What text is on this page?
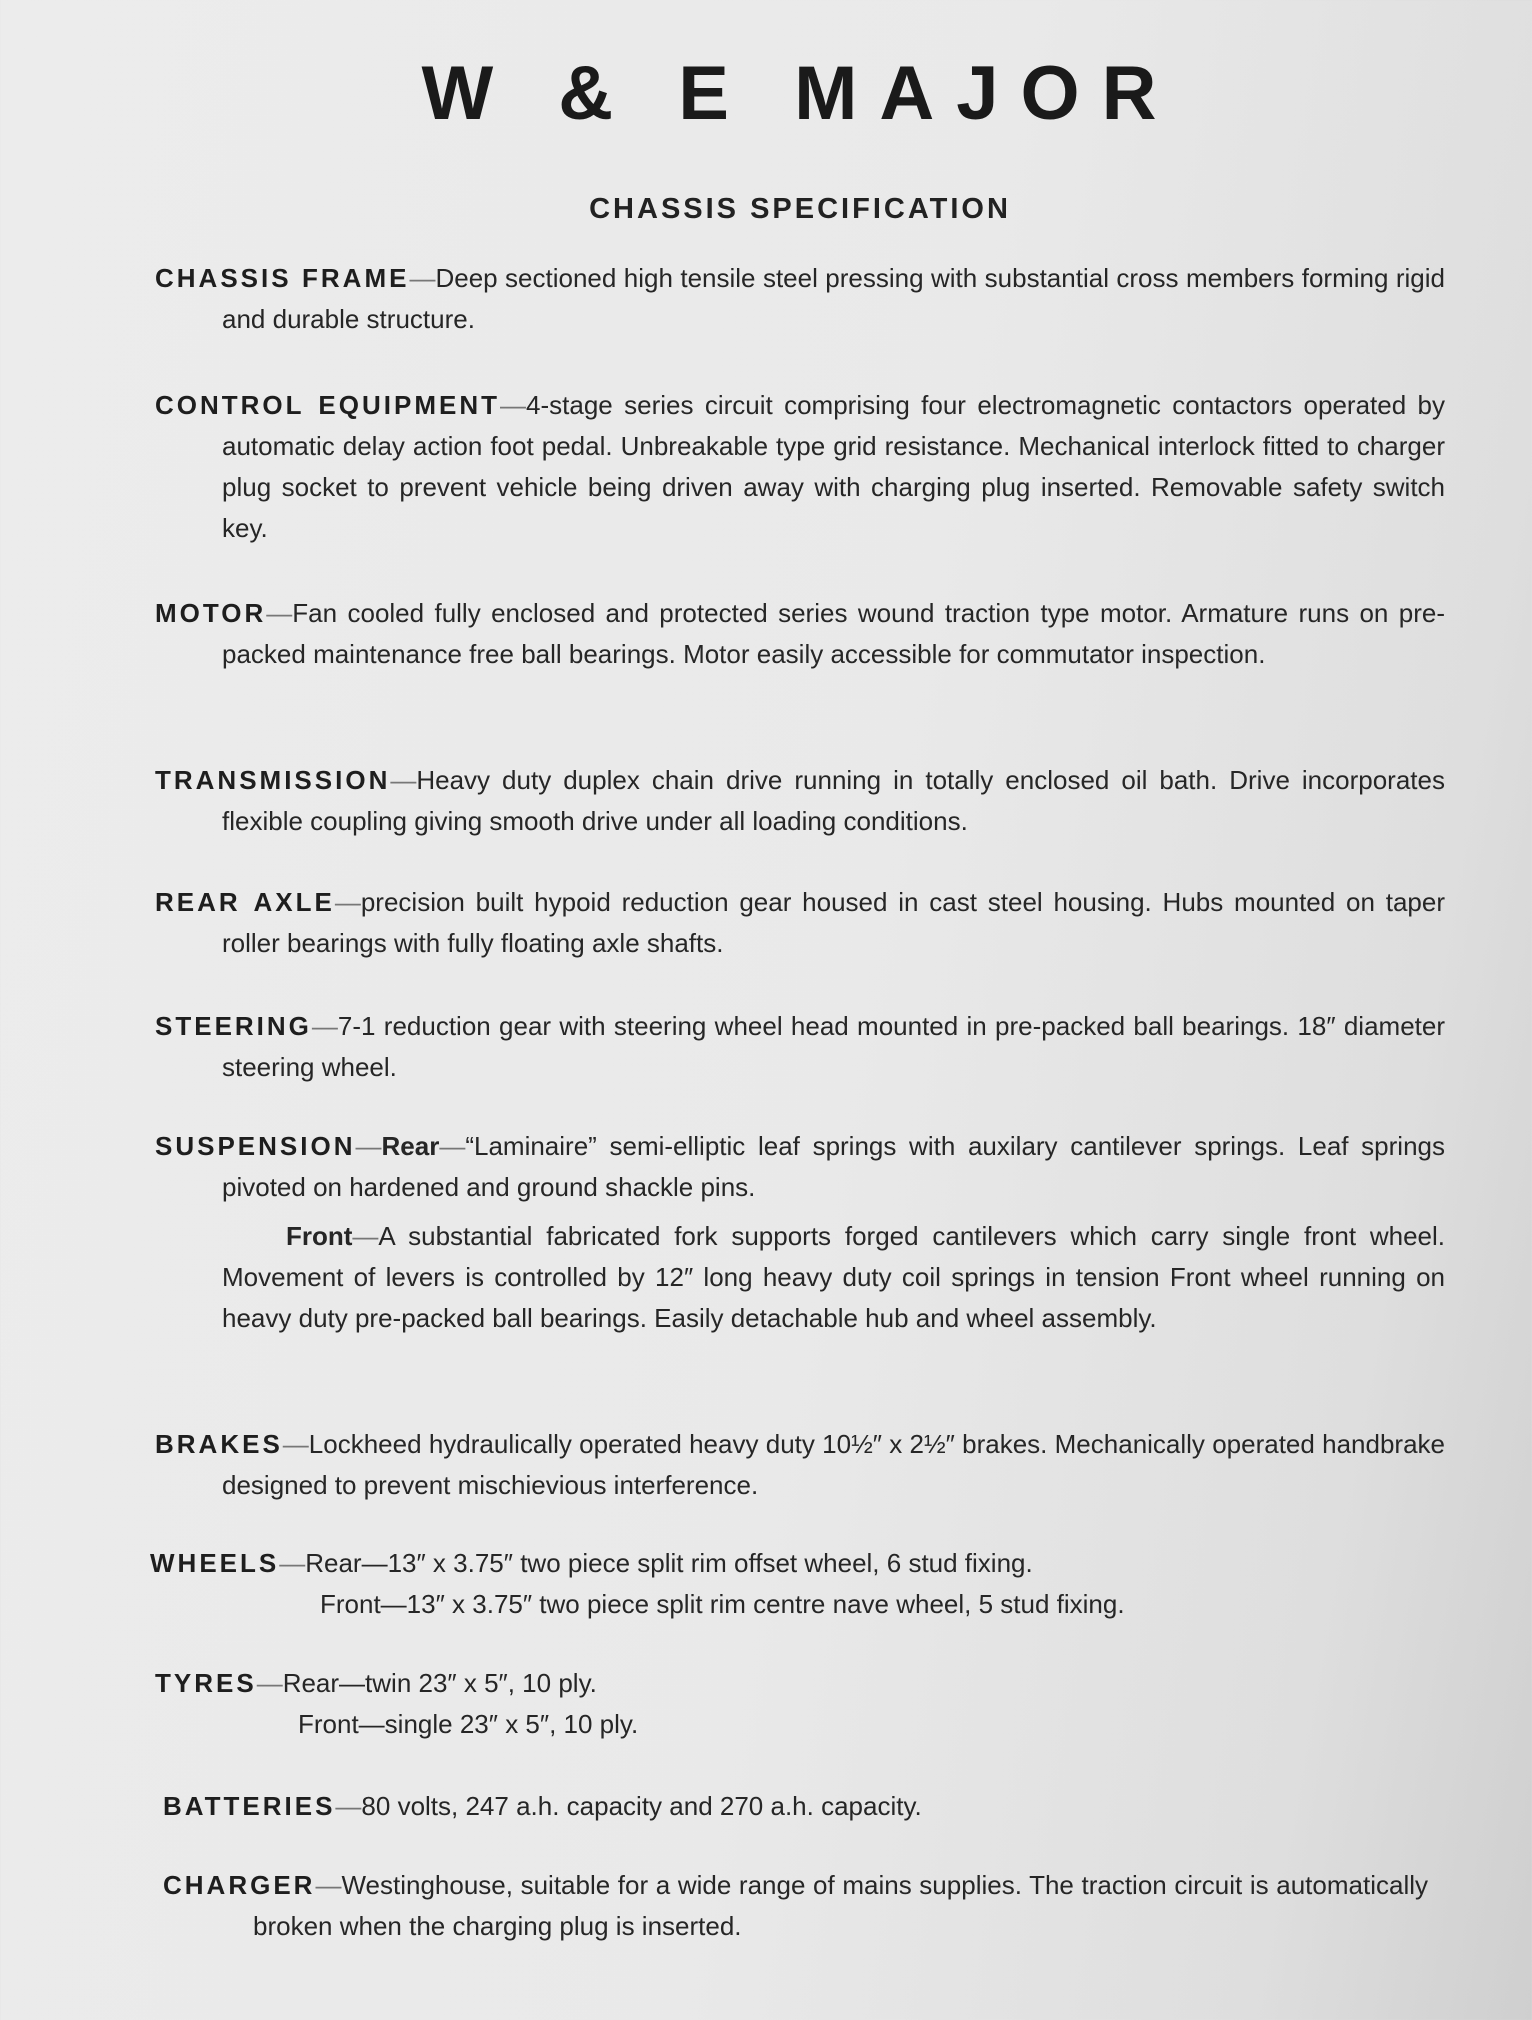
W & E MAJOR
CHASSIS SPECIFICATION
CHASSIS FRAME—Deep sectioned high tensile steel pressing with substantial cross members forming rigid and durable structure.
CONTROL EQUIPMENT—4-stage series circuit comprising four electromagnetic contactors operated by automatic delay action foot pedal. Unbreakable type grid resistance. Mechanical interlock fitted to charger plug socket to prevent vehicle being driven away with charging plug inserted. Removable safety switch key.
MOTOR—Fan cooled fully enclosed and protected series wound traction type motor. Armature runs on pre-packed maintenance free ball bearings. Motor easily accessible for commutator inspection.
TRANSMISSION—Heavy duty duplex chain drive running in totally enclosed oil bath. Drive incorporates flexible coupling giving smooth drive under all loading conditions.
REAR AXLE—precision built hypoid reduction gear housed in cast steel housing. Hubs mounted on taper roller bearings with fully floating axle shafts.
STEERING—7-1 reduction gear with steering wheel head mounted in pre-packed ball bearings. 18″ diameter steering wheel.
SUSPENSION—Rear—“Laminaire” semi-elliptic leaf springs with auxilary cantilever springs. Leaf springs pivoted on hardened and ground shackle pins.
Front—A substantial fabricated fork supports forged cantilevers which carry single front wheel. Movement of levers is controlled by 12″ long heavy duty coil springs in tension Front wheel running on heavy duty pre-packed ball bearings. Easily detachable hub and wheel assembly.
BRAKES—Lockheed hydraulically operated heavy duty 10½″ x 2½″ brakes. Mechanically operated handbrake designed to prevent mischievious interference.
WHEELS—Rear—13″ x 3.75″ two piece split rim offset wheel, 6 stud fixing.
Front—13″ x 3.75″ two piece split rim centre nave wheel, 5 stud fixing.
TYRES—Rear—twin 23″ x 5″, 10 ply.
Front—single 23″ x 5″, 10 ply.
BATTERIES—80 volts, 247 a.h. capacity and 270 a.h. capacity.
CHARGER—Westinghouse, suitable for a wide range of mains supplies. The traction circuit is automatically broken when the charging plug is inserted.
